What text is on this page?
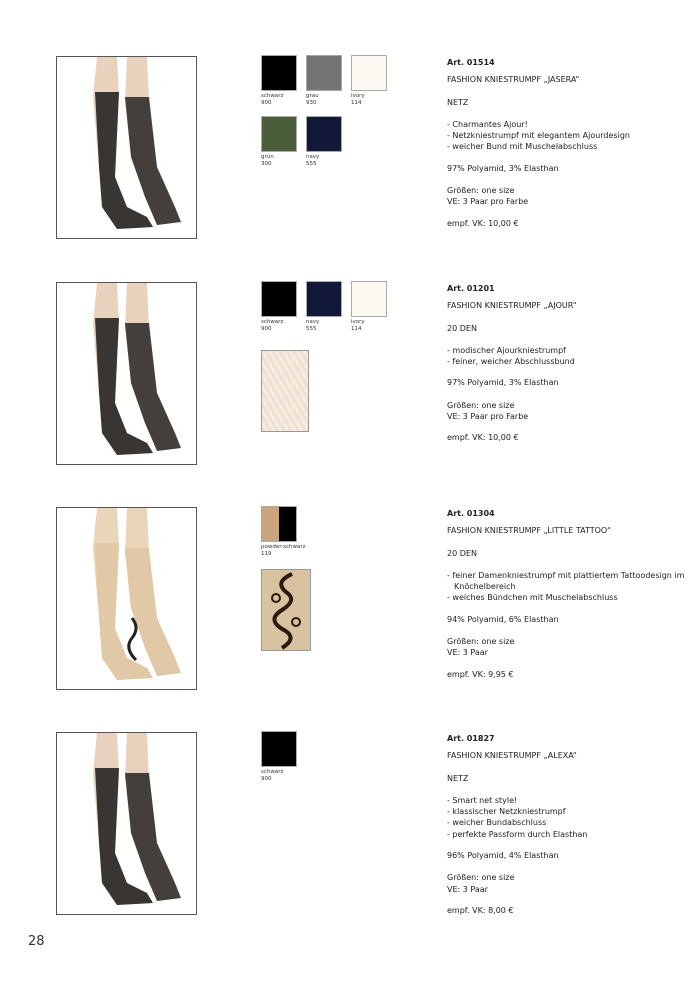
schwarz
900
grau
930
ivory
114
grün
300
navy
555
Art. 01514
FASHION KNIESTRUMPF „JASERA“
NETZ
- Charmantes Ajour!
- Netzkniestrumpf mit elegantem Ajourdesign
- weicher Bund mit Muschelabschluss
97% Polyamid, 3% Elasthan
Größen: one size
VE: 3 Paar pro Farbe
empf. VK: 10,00 €
schwarz
900
navy
555
ivory
114
Art. 01201
FASHION KNIESTRUMPF „AJOUR“
20 DEN
- modischer Ajourkniestrumpf
- feiner, weicher Abschlussbund
97% Polyamid, 3% Elasthan
Größen: one size
VE: 3 Paar pro Farbe
empf. VK: 10,00 €
powder-schwarz
119
Art. 01304
FASHION KNIESTRUMPF „LITTLE TATTOO“
20 DEN
- feiner Damenkniestrumpf mit plattiertem Tattoodesign im Knöchelbereich
- weiches Bündchen mit Muschelabschluss
94% Polyamid, 6% Elasthan
Größen: one size
VE: 3 Paar
empf. VK: 9,95 €
schwarz
900
Art. 01827
FASHION KNIESTRUMPF „ALEXA“
NETZ
- Smart net style!
- klassischer Netzkniestrumpf
- weicher Bundabschluss
- perfekte Passform durch Elasthan
96% Polyamid, 4% Elasthan
Größen: one size
VE: 3 Paar
empf. VK: 8,00 €
28
